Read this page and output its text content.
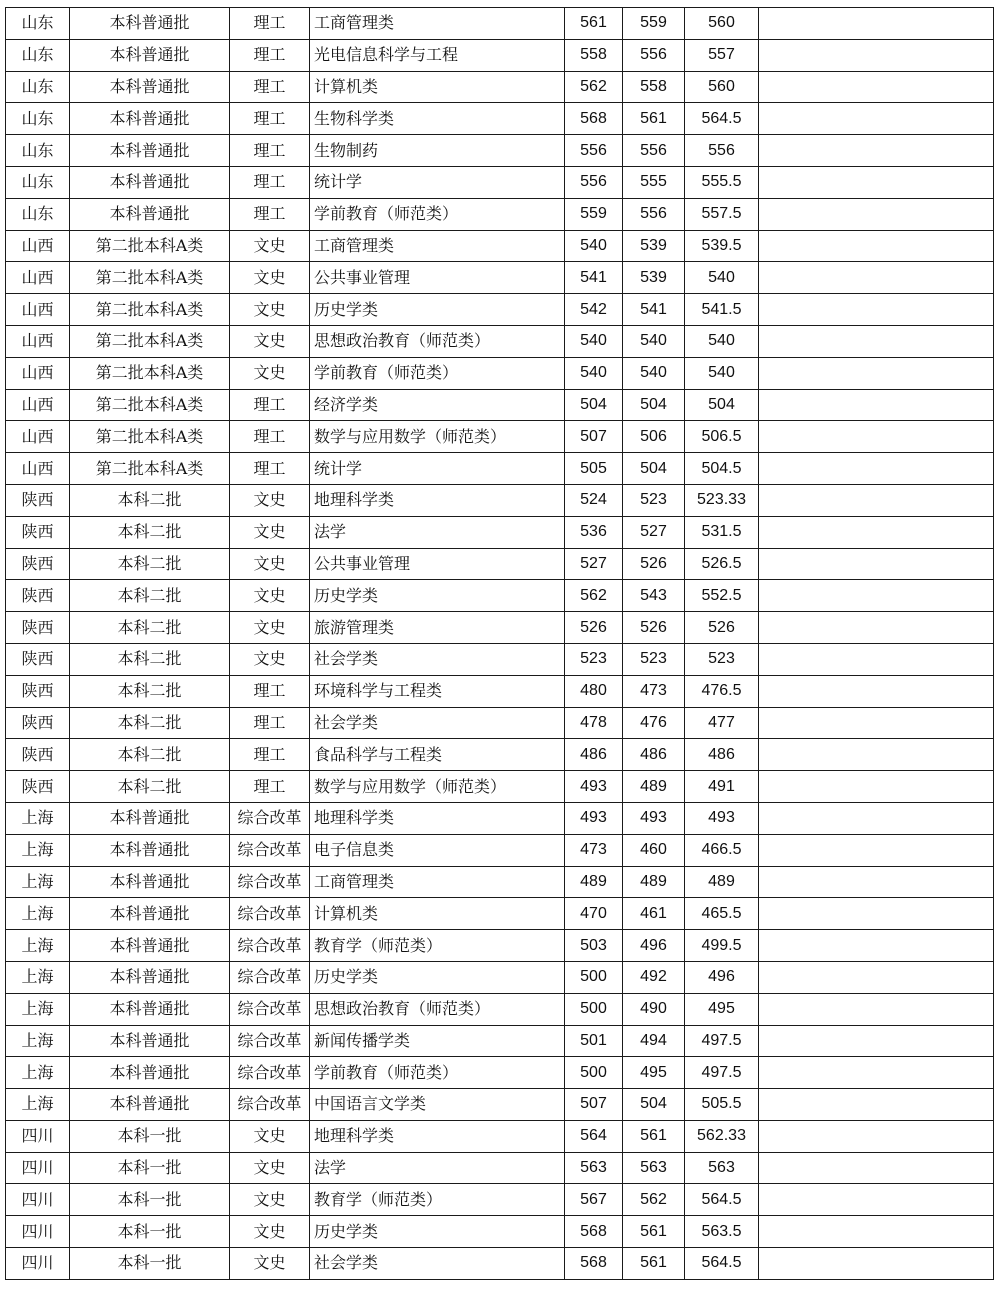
山东	本科普通批	理工	工商管理类	561	559	560	
山东	本科普通批	理工	光电信息科学与工程	558	556	557	
山东	本科普通批	理工	计算机类	562	558	560	
山东	本科普通批	理工	生物科学类	568	561	564.5	
山东	本科普通批	理工	生物制药	556	556	556	
山东	本科普通批	理工	统计学	556	555	555.5	
山东	本科普通批	理工	学前教育（师范类）	559	556	557.5	
山西	第二批本科A类	文史	工商管理类	540	539	539.5	
山西	第二批本科A类	文史	公共事业管理	541	539	540	
山西	第二批本科A类	文史	历史学类	542	541	541.5	
山西	第二批本科A类	文史	思想政治教育（师范类）	540	540	540	
山西	第二批本科A类	文史	学前教育（师范类）	540	540	540	
山西	第二批本科A类	理工	经济学类	504	504	504	
山西	第二批本科A类	理工	数学与应用数学（师范类）	507	506	506.5	
山西	第二批本科A类	理工	统计学	505	504	504.5	
陕西	本科二批	文史	地理科学类	524	523	523.33	
陕西	本科二批	文史	法学	536	527	531.5	
陕西	本科二批	文史	公共事业管理	527	526	526.5	
陕西	本科二批	文史	历史学类	562	543	552.5	
陕西	本科二批	文史	旅游管理类	526	526	526	
陕西	本科二批	文史	社会学类	523	523	523	
陕西	本科二批	理工	环境科学与工程类	480	473	476.5	
陕西	本科二批	理工	社会学类	478	476	477	
陕西	本科二批	理工	食品科学与工程类	486	486	486	
陕西	本科二批	理工	数学与应用数学（师范类）	493	489	491	
上海	本科普通批	综合改革	地理科学类	493	493	493	
上海	本科普通批	综合改革	电子信息类	473	460	466.5	
上海	本科普通批	综合改革	工商管理类	489	489	489	
上海	本科普通批	综合改革	计算机类	470	461	465.5	
上海	本科普通批	综合改革	教育学（师范类）	503	496	499.5	
上海	本科普通批	综合改革	历史学类	500	492	496	
上海	本科普通批	综合改革	思想政治教育（师范类）	500	490	495	
上海	本科普通批	综合改革	新闻传播学类	501	494	497.5	
上海	本科普通批	综合改革	学前教育（师范类）	500	495	497.5	
上海	本科普通批	综合改革	中国语言文学类	507	504	505.5	
四川	本科一批	文史	地理科学类	564	561	562.33	
四川	本科一批	文史	法学	563	563	563	
四川	本科一批	文史	教育学（师范类）	567	562	564.5	
四川	本科一批	文史	历史学类	568	561	563.5	
四川	本科一批	文史	社会学类	568	561	564.5	
